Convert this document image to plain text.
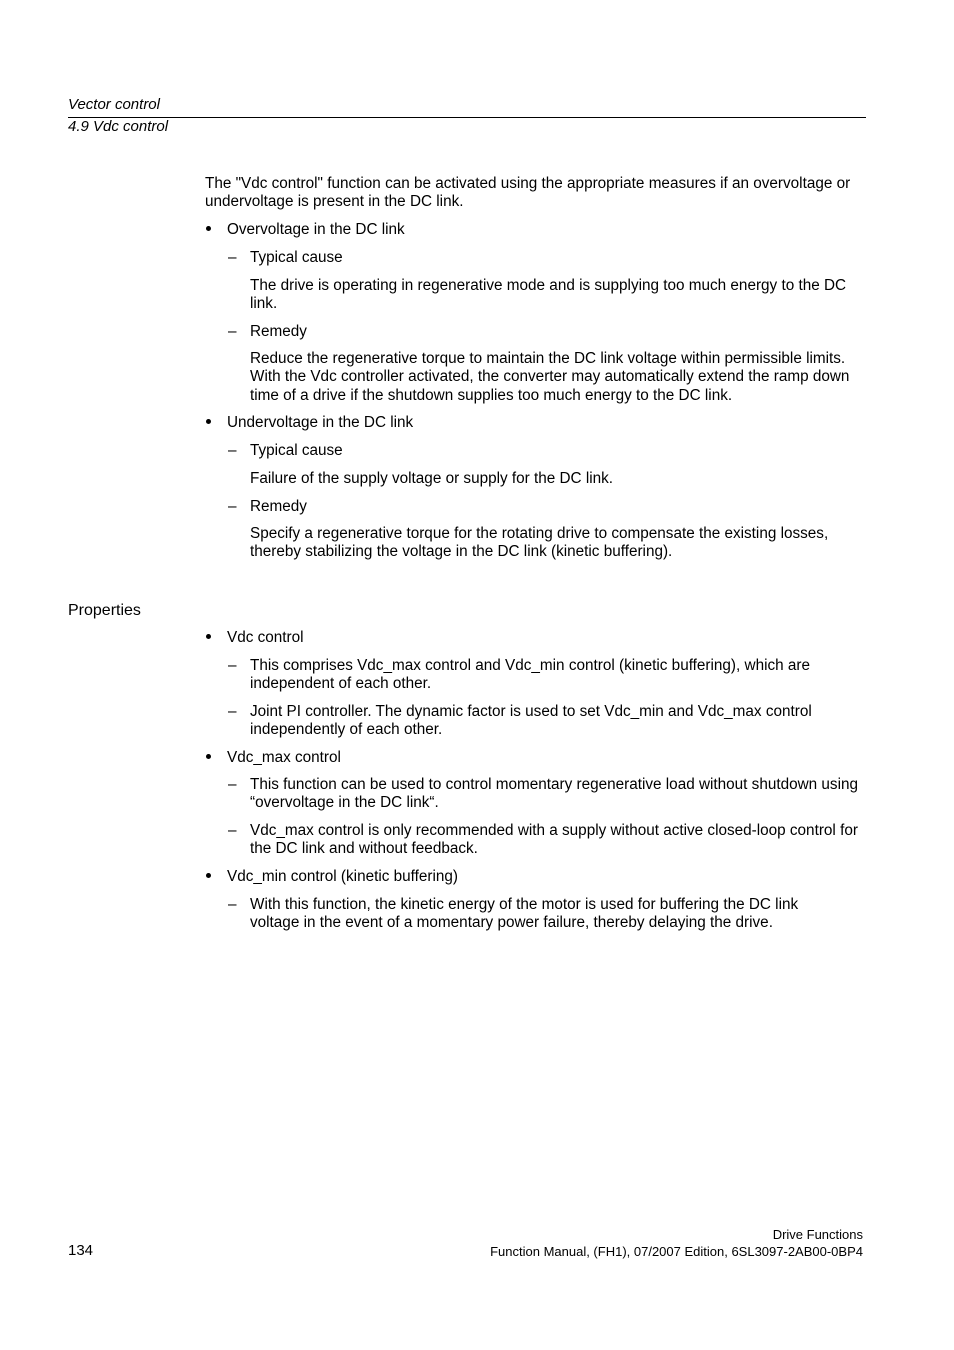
Vector control
4.9 Vdc control

The "Vdc control" function can be activated using the appropriate measures if an overvoltage or undervoltage is present in the DC link.

Overvoltage in the DC link

– Typical cause

The drive is operating in regenerative mode and is supplying too much energy to the DC link.

– Remedy

Reduce the regenerative torque to maintain the DC link voltage within permissible limits. With the Vdc controller activated, the converter may automatically extend the ramp down time of a drive if the shutdown supplies too much energy to the DC link.

Undervoltage in the DC link

– Typical cause

Failure of the supply voltage or supply for the DC link.

– Remedy

Specify a regenerative torque for the rotating drive to compensate the existing losses, thereby stabilizing the voltage in the DC link (kinetic buffering).

Properties

Vdc control

– This comprises Vdc_max control and Vdc_min control (kinetic buffering), which are independent of each other.

– Joint PI controller. The dynamic factor is used to set Vdc_min and Vdc_max control independently of each other.

Vdc_max control

– This function can be used to control momentary regenerative load without shutdown using “overvoltage in the DC link“.

– Vdc_max control is only recommended with a supply without active closed-loop control for the DC link and without feedback.

Vdc_min control (kinetic buffering)

– With this function, the kinetic energy of the motor is used for buffering the DC link voltage in the event of a momentary power failure, thereby delaying the drive.

134
Drive Functions
Function Manual, (FH1), 07/2007 Edition, 6SL3097-2AB00-0BP4
